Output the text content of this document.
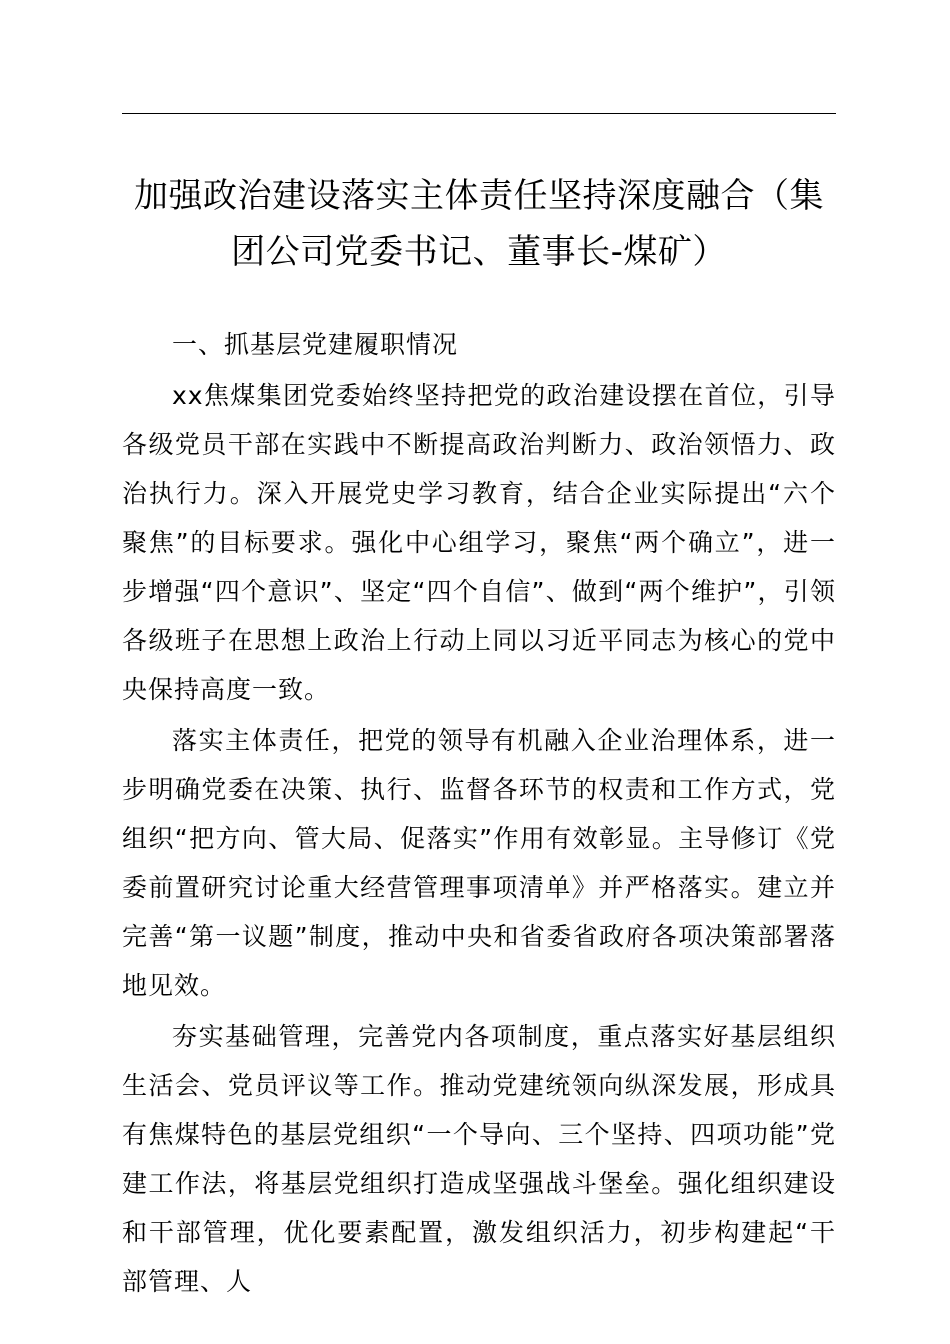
加强政治建设落实主体责任坚持深度融合（集团公司党委书记、董事长-煤矿）

一、抓基层党建履职情况

xx焦煤集团党委始终坚持把党的政治建设摆在首位，引导各级党员干部在实践中不断提高政治判断力、政治领悟力、政治执行力。深入开展党史学习教育，结合企业实际提出“六个聚焦”的目标要求。强化中心组学习，聚焦“两个确立”，进一步增强“四个意识”、坚定“四个自信”、做到“两个维护”，引领各级班子在思想上政治上行动上同以习近平同志为核心的党中央保持高度一致。

落实主体责任，把党的领导有机融入企业治理体系，进一步明确党委在决策、执行、监督各环节的权责和工作方式，党组织“把方向、管大局、促落实”作用有效彰显。主导修订《党委前置研究讨论重大经营管理事项清单》并严格落实。建立并完善“第一议题”制度，推动中央和省委省政府各项决策部署落地见效。

夯实基础管理，完善党内各项制度，重点落实好基层组织生活会、党员评议等工作。推动党建统领向纵深发展，形成具有焦煤特色的基层党组织“一个导向、三个坚持、四项功能”党建工作法，将基层党组织打造成坚强战斗堡垒。强化组织建设和干部管理，优化要素配置，激发组织活力，初步构建起“干部管理、人
